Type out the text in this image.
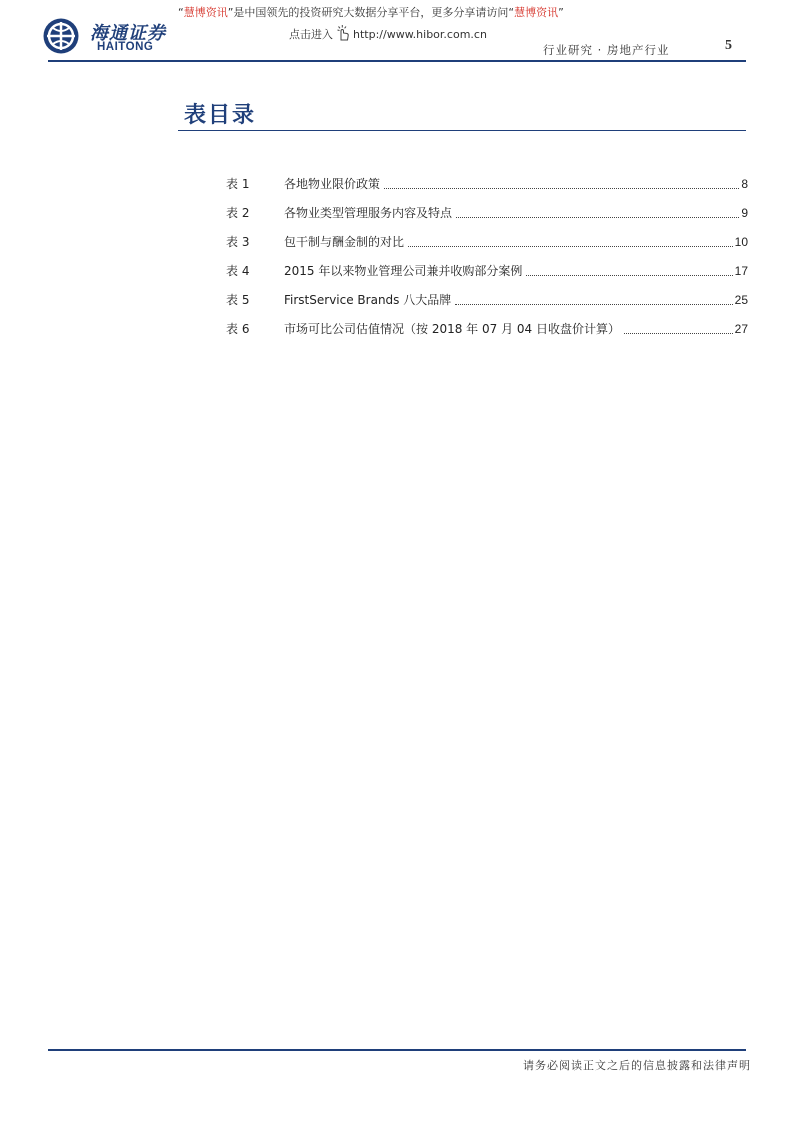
海通证券
HAITONG
“慧博资讯”是中国领先的投资研究大数据分享平台，更多分享请访问“慧博资讯”
点击进入 http://www.hibor.com.cn
行业研究 · 房地产行业	5
表目录
表 1	各地物业限价政策	8
表 2	各物业类型管理服务内容及特点	9
表 3	包干制与酬金制的对比	10
表 4	2015 年以来物业管理公司兼并收购部分案例	17
表 5	FirstService Brands 八大品牌	25
表 6	市场可比公司估值情况（按 2018 年 07 月 04 日收盘价计算）	27
请务必阅读正文之后的信息披露和法律声明
